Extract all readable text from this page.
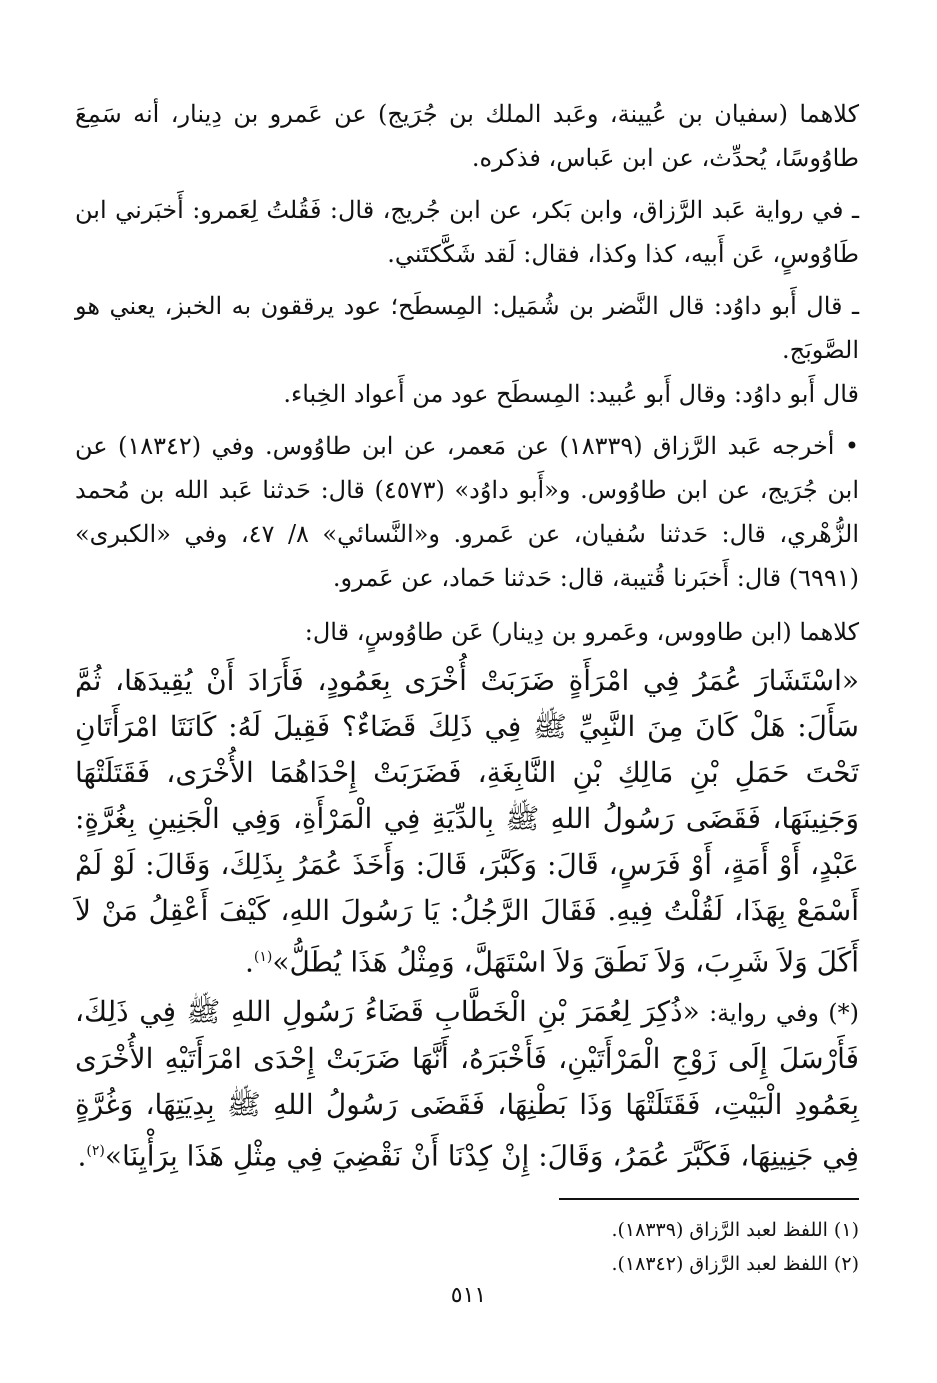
كلاهما (سفيان بن عُيينة، وعَبد الملك بن جُرَيج) عن عَمرو بن دِينار، أنه سَمِعَ طاوُوسًا، يُحدِّث، عن ابن عَباس، فذكره.

ـ في رواية عَبد الرَّزاق، وابن بَكر، عن ابن جُريج، قال: فَقُلتُ لِعَمرو: أَخبَرني ابن طَاوُوسٍ، عَن أَبيه، كذا وكذا، فقال: لَقد شَكَّكتَني.

ـ قال أَبو داوُد: قال النَّضر بن شُمَيل: المِسطَح؛ عود يرققون به الخبز، يعني هو الصَّوبَج.

قال أَبو داوُد: وقال أَبو عُبيد: المِسطَح عود من أَعواد الخِباء.

• أخرجه عَبد الرَّزاق (١٨٣٣٩) عن مَعمر، عن ابن طاوُوس. وفي (١٨٣٤٢) عن ابن جُرَيج، عن ابن طاوُوس. و«أَبو داوُد» (٤٥٧٣) قال: حَدثنا عَبد الله بن مُحمد الزُّهْري، قال: حَدثنا سُفيان، عن عَمرو. و«النَّسائي» ٨/ ٤٧، وفي «الكبرى» (٦٩٩١) قال: أَخبَرنا قُتيبة، قال: حَدثنا حَماد، عن عَمرو.

كلاهما (ابن طاووس، وعَمرو بن دِينار) عَن طاوُوسٍ، قال:

«اسْتَشَارَ عُمَرُ فِي امْرَأَةٍ ضَرَبَتْ أُخْرَى بِعَمُودٍ، فَأَرَادَ أَنْ يُقِيدَهَا، ثُمَّ سَأَلَ: هَلْ كَانَ مِنَ النَّبِيِّ ﷺ فِي ذَلِكَ قَضَاءٌ؟ فَقِيلَ لَهُ: كَانَتَا امْرَأَتَانِ تَحْتَ حَمَلِ بْنِ مَالِكِ بْنِ النَّابِغَةِ، فَضَرَبَتْ إِحْدَاهُمَا الأُخْرَى، فَقَتَلَتْهَا وَجَنِينَهَا، فَقَضَى رَسُولُ اللهِ ﷺ بِالدِّيَةِ فِي الْمَرْأَةِ، وَفِي الْجَنِينِ بِغُرَّةٍ: عَبْدٍ، أَوْ أَمَةٍ، أَوْ فَرَسٍ، قَالَ: وَكَبَّرَ، قَالَ: وَأَخَذَ عُمَرُ بِذَلِكَ، وَقَالَ: لَوْ لَمْ أَسْمَعْ بِهَذَا، لَقُلْتُ فِيهِ. فَقَالَ الرَّجُلُ: يَا رَسُولَ اللهِ، كَيْفَ أَعْقِلُ مَنْ لاَ أَكَلَ وَلاَ شَرِبَ، وَلاَ نَطَقَ وَلاَ اسْتَهَلَّ، وَمِثْلُ هَذَا يُطَلُّ»$^{(١)}$.

(*) وفي رواية: «ذُكِرَ لِعُمَرَ بْنِ الْخَطَّابِ قَضَاءُ رَسُولِ اللهِ ﷺ فِي ذَلِكَ، فَأَرْسَلَ إِلَى زَوْجِ الْمَرْأَتَيْنِ، فَأَخْبَرَهُ، أَنَّهَا ضَرَبَتْ إِحْدَى امْرَأَتَيْهِ الأُخْرَى بِعَمُودِ الْبَيْتِ، فَقَتَلَتْهَا وَذَا بَطْنِهَا، فَقَضَى رَسُولُ اللهِ ﷺ بِدِيَتِهَا، وَغُرَّةٍ فِي جَنِينِهَا، فَكَبَّرَ عُمَرُ، وَقَالَ: إِنْ كِدْنَا أَنْ نَقْضِيَ فِي مِثْلِ هَذَا بِرَأْيِنَا»$^{(٢)}$.

(١) اللفظ لعبد الرَّزاق (١٨٣٣٩).

(٢) اللفظ لعبد الرَّزاق (١٨٣٤٢).

٥١١
